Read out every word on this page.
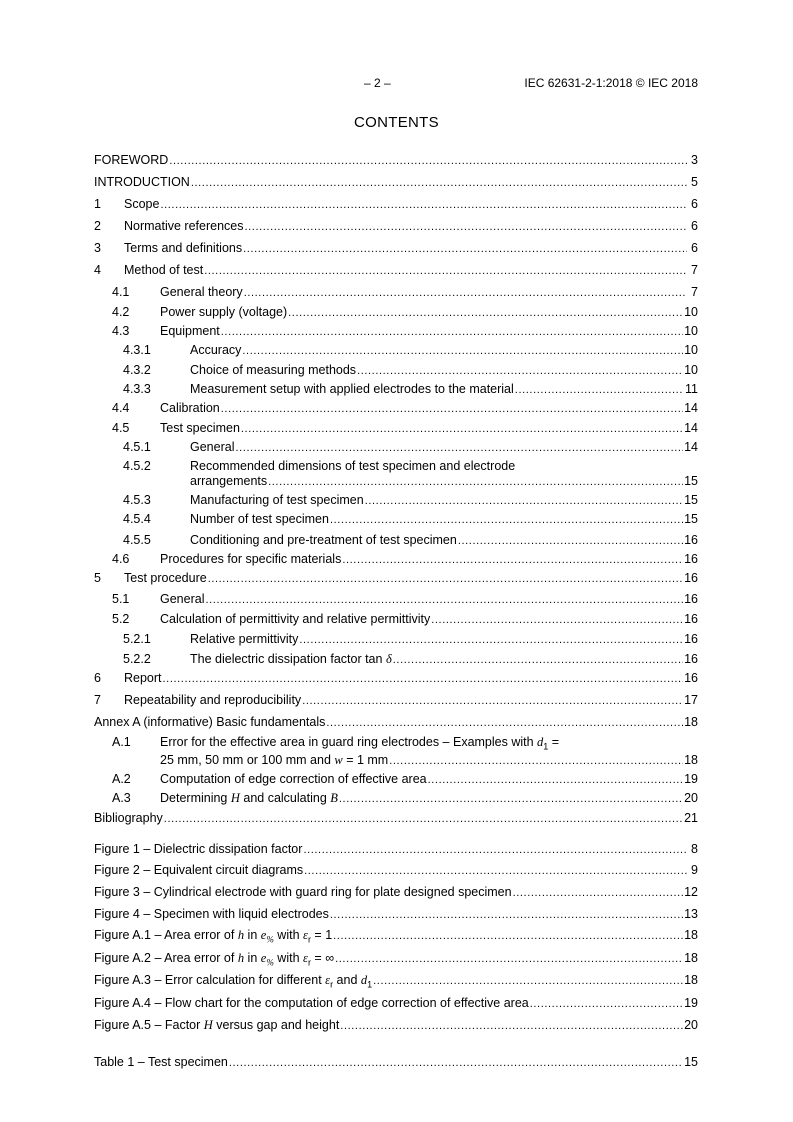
– 2 –	IEC 62631-2-1:2018 © IEC 2018
CONTENTS
FOREWORD .....	3
INTRODUCTION .....	5
1 Scope .....	6
2 Normative references .....	6
3 Terms and definitions .....	6
4 Method of test .....	7
4.1 General theory .....	7
4.2 Power supply (voltage) .....	10
4.3 Equipment .....	10
4.3.1	Accuracy .....	10
4.3.2	Choice of measuring methods .....	10
4.3.3	Measurement setup with applied electrodes to the material .....	11
4.4 Calibration .....	14
4.5 Test specimen .....	14
4.5.1	General .....	14
4.5.2	Recommended dimensions of test specimen and electrode
arrangements .....	15
4.5.3	Manufacturing of test specimen .....	15
4.5.4	Number of test specimen .....	15
4.5.5	Conditioning and pre-treatment of test specimen .....	16
4.6 Procedures for specific materials .....	16
5 Test procedure .....	16
5.1 General .....	16
5.2 Calculation of permittivity and relative permittivity .....	16
5.2.1	Relative permittivity .....	16
5.2.2	The dielectric dissipation factor tan δ .....	16
6 Report .....	16
7 Repeatability and reproducibility .....	17
Annex A (informative) Basic fundamentals .....	18
A.1 Error for the effective area in guard ring electrodes – Examples with $d_1$ =
25 mm, 50 mm or 100 mm and w = 1 mm .....	18
A.2 Computation of edge correction of effective area .....	19
A.3 Determining H and calculating B .....	20
Bibliography .....	21
Figure 1 – Dielectric dissipation factor .....	8
Figure 2 – Equivalent circuit diagrams .....	9
Figure 3 – Cylindrical electrode with guard ring for plate designed specimen .....	12
Figure 4 – Specimen with liquid electrodes .....	13
Figure A.1 – Area error of h in $e_{\%}$ with $\varepsilon_r = 1$ .....	18
Figure A.2 – Area error of h in $e_{\%}$ with $\varepsilon_r$ = ∞ .....	18
Figure A.3 – Error calculation for different $\varepsilon_r$ and $d_1$ .....	18
Figure A.4 – Flow chart for the computation of edge correction of effective area .....	19
Figure A.5 – Factor H versus gap and height .....	20
Table 1 – Test specimen .....	15
